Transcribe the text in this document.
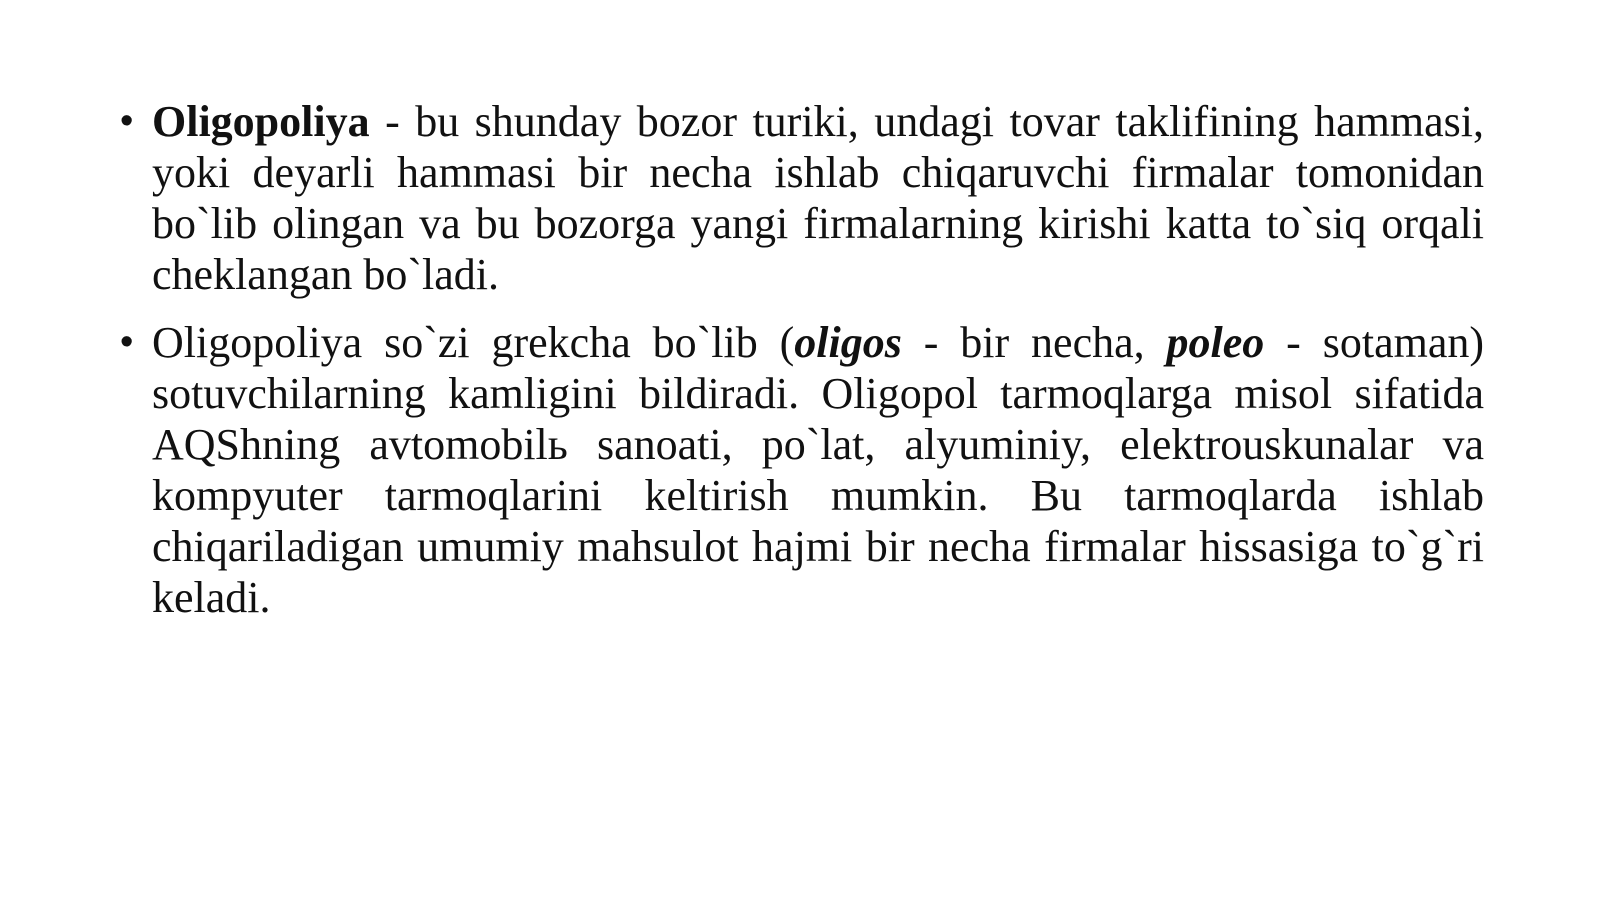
• Oligopoliya - bu shunday bozor turiki, undagi tovar taklifining hammasi, yoki deyarli hammasi bir necha ishlab chiqaruvchi firmalar tomonidan bo`lib olingan va bu bozorga yangi firmalarning kirishi katta to`siq orqali cheklangan bo`ladi.
• Oligopoliya so`zi grekcha bo`lib (oligos - bir necha, poleo - sotaman) sotuvchilarning kamligini bildiradi. Oligopol tarmoqlarga misol sifatida AQShning avtomobilь sanoati, po`lat, alyuminiy, elektrouskunalar va kompyuter tarmoqlarini keltirish mumkin. Bu tarmoqlarda ishlab chiqariladigan umumiy mahsulot hajmi bir necha firmalar hissasiga to`g`ri keladi.
